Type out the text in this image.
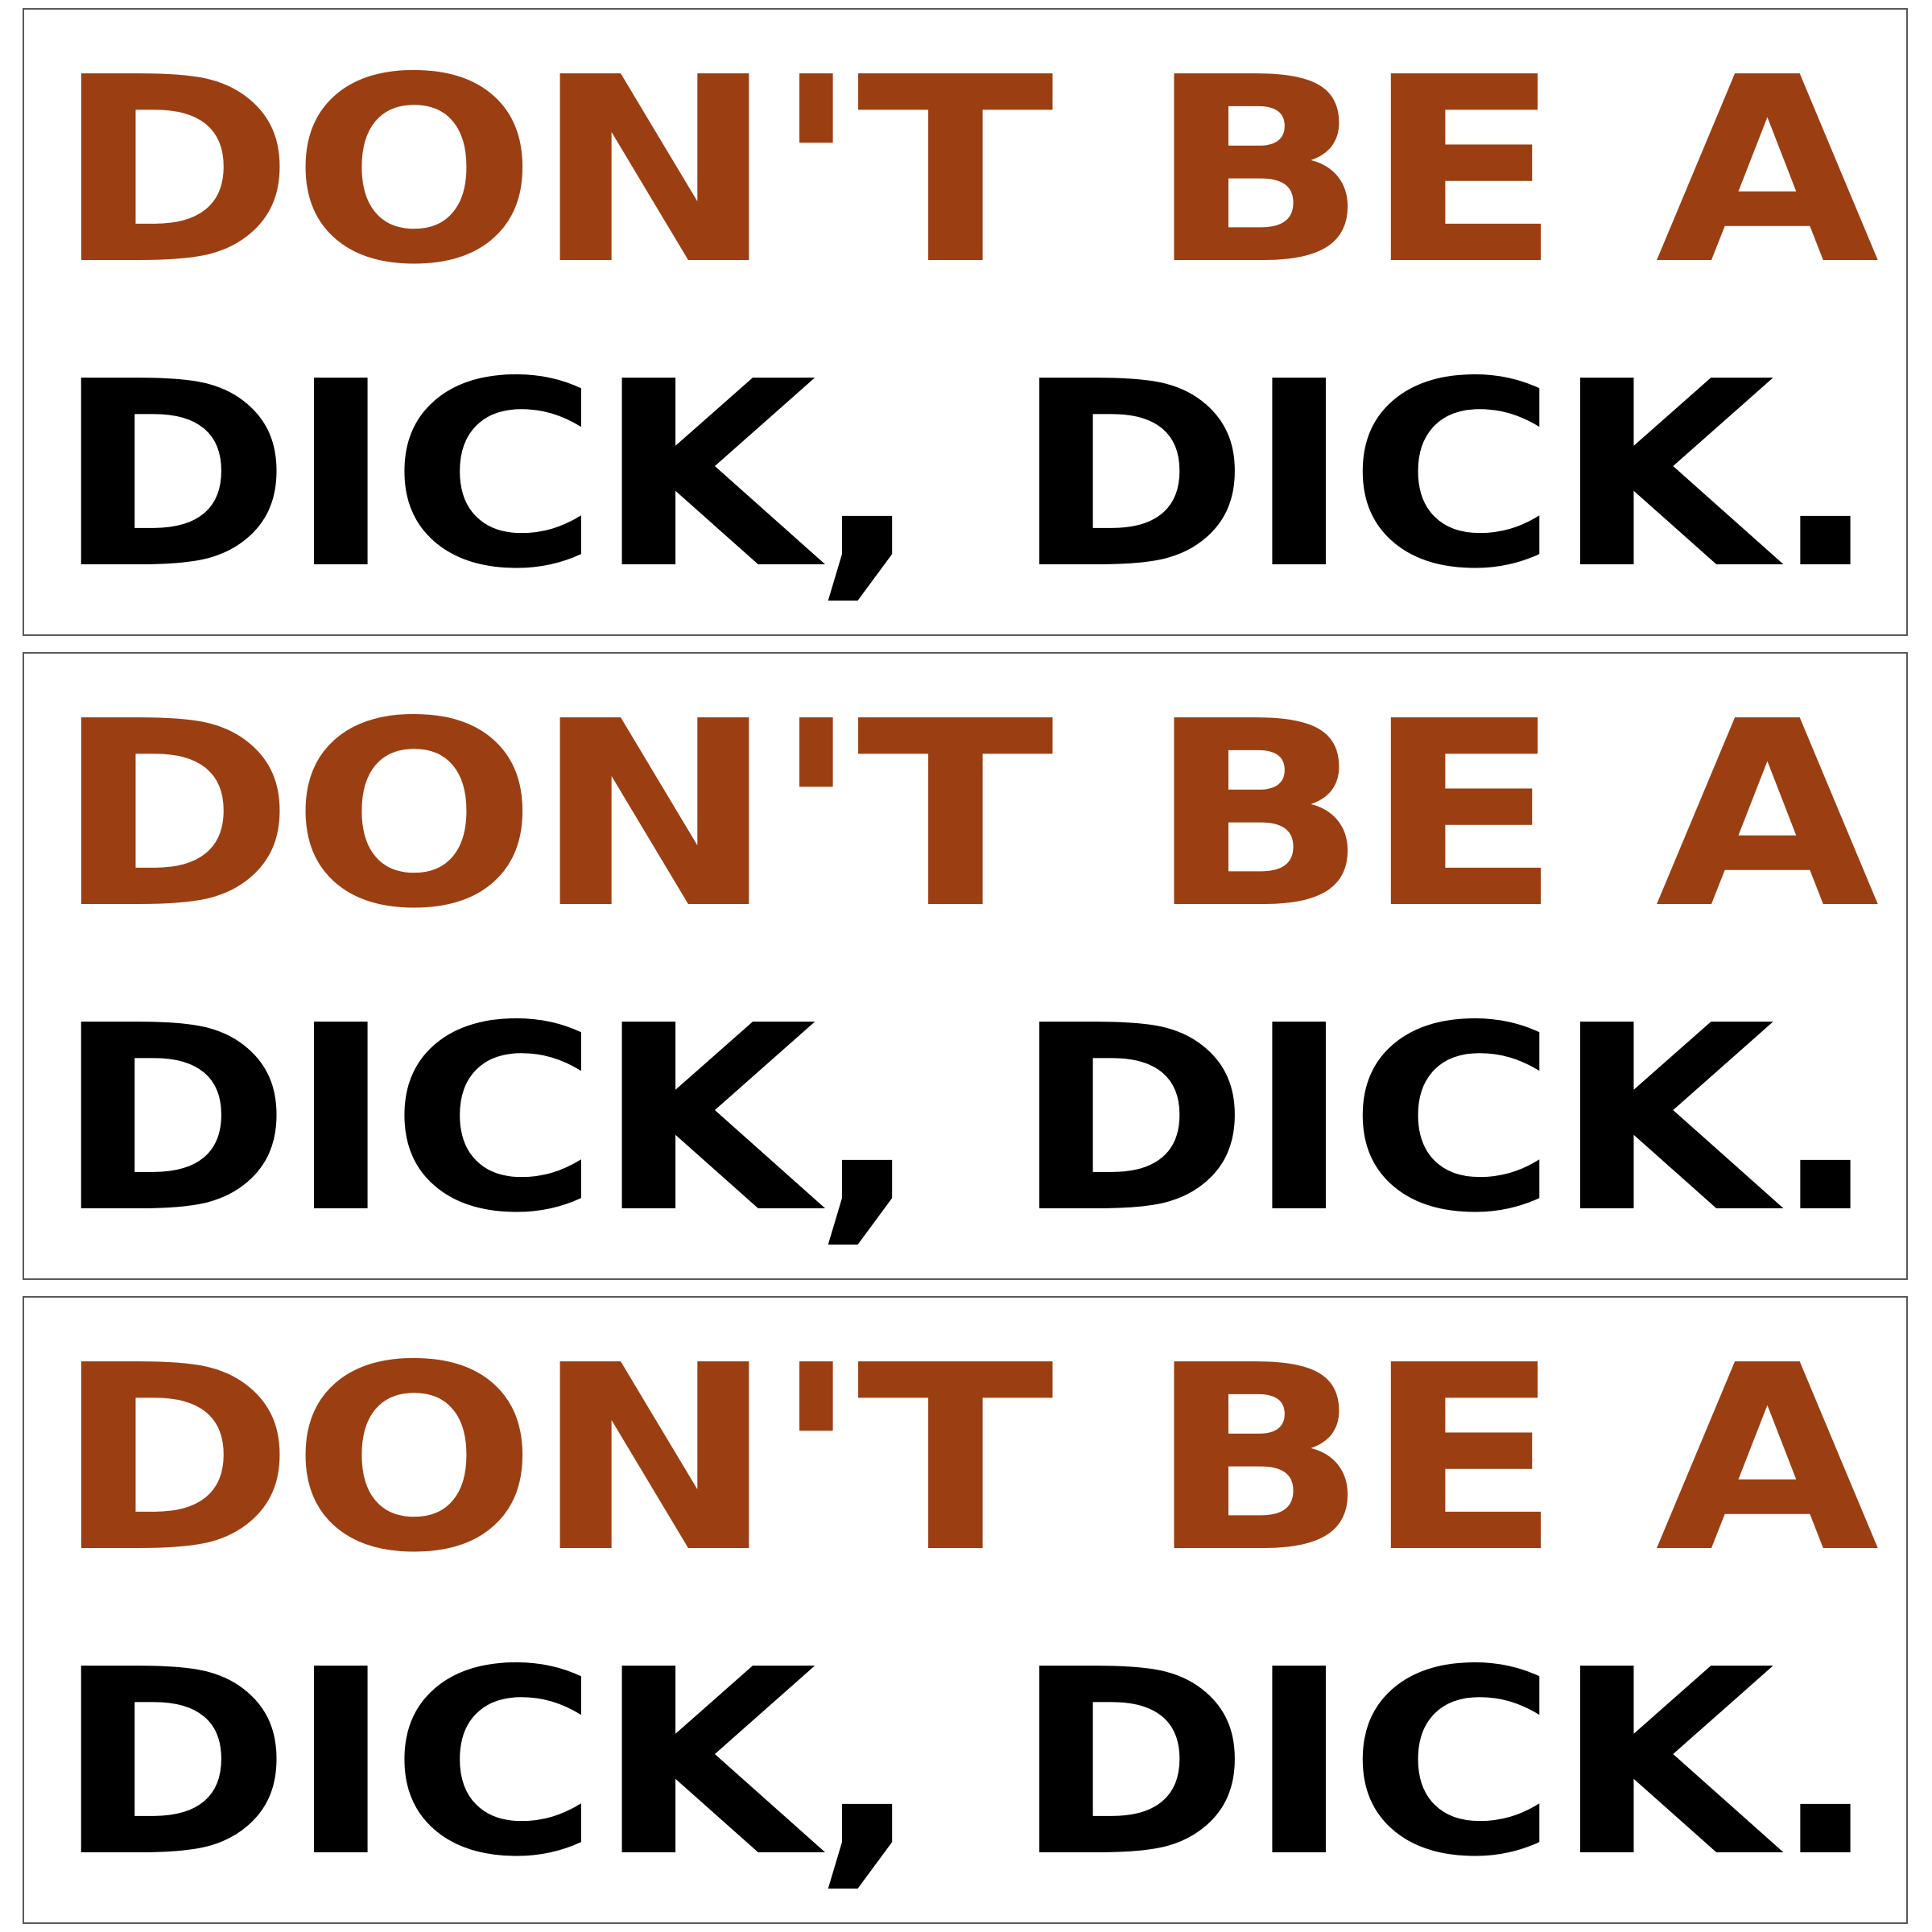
DON'T BE A
DICK, DICK.
DON'T BE A
DICK, DICK.
DON'T BE A
DICK, DICK.
